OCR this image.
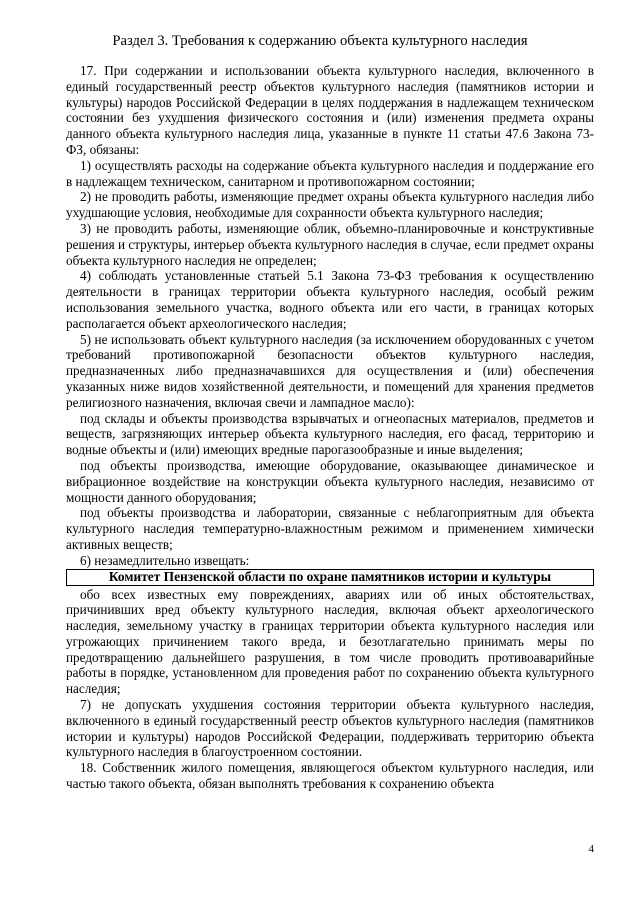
Раздел 3. Требования к содержанию объекта культурного наследия

17. При содержании и использовании объекта культурного наследия, включенного в единый государственный реестр объектов культурного наследия (памятников истории и культуры) народов Российской Федерации в целях поддержания в надлежащем техническом состоянии без ухудшения физического состояния и (или) изменения предмета охраны данного объекта культурного наследия лица, указанные в пункте 11 статьи 47.6 Закона 73-ФЗ, обязаны:

1) осуществлять расходы на содержание объекта культурного наследия и поддержание его в надлежащем техническом, санитарном и противопожарном состоянии;

2) не проводить работы, изменяющие предмет охраны объекта культурного наследия либо ухудшающие условия, необходимые для сохранности объекта культурного наследия;

3) не проводить работы, изменяющие облик, объемно-планировочные и конструктивные решения и структуры, интерьер объекта культурного наследия в случае, если предмет охраны объекта культурного наследия не определен;

4) соблюдать установленные статьей 5.1 Закона 73-ФЗ требования к осуществлению деятельности в границах территории объекта культурного наследия, особый режим использования земельного участка, водного объекта или его части, в границах которых располагается объект археологического наследия;

5) не использовать объект культурного наследия (за исключением оборудованных с учетом требований противопожарной безопасности объектов культурного наследия, предназначенных либо предназначавшихся для осуществления и (или) обеспечения указанных ниже видов хозяйственной деятельности, и помещений для хранения предметов религиозного назначения, включая свечи и лампадное масло):

под склады и объекты производства взрывчатых и огнеопасных материалов, предметов и веществ, загрязняющих интерьер объекта культурного наследия, его фасад, территорию и водные объекты и (или) имеющих вредные парогазообразные и иные выделения;

под объекты производства, имеющие оборудование, оказывающее динамическое и вибрационное воздействие на конструкции объекта культурного наследия, независимо от мощности данного оборудования;

под объекты производства и лаборатории, связанные с неблагоприятным для объекта культурного наследия температурно-влажностным режимом и применением химически активных веществ;

6) незамедлительно извещать:

Комитет Пензенской области по охране памятников истории и культуры

обо всех известных ему повреждениях, авариях или об иных обстоятельствах, причинивших вред объекту культурного наследия, включая объект археологического наследия, земельному участку в границах территории объекта культурного наследия или угрожающих причинением такого вреда, и безотлагательно принимать меры по предотвращению дальнейшего разрушения, в том числе проводить противоаварийные работы в порядке, установленном для проведения работ по сохранению объекта культурного наследия;

7) не допускать ухудшения состояния территории объекта культурного наследия, включенного в единый государственный реестр объектов культурного наследия (памятников истории и культуры) народов Российской Федерации, поддерживать территорию объекта культурного наследия в благоустроенном состоянии.

18. Собственник жилого помещения, являющегося объектом культурного наследия, или частью такого объекта, обязан выполнять требования к сохранению объекта

4
